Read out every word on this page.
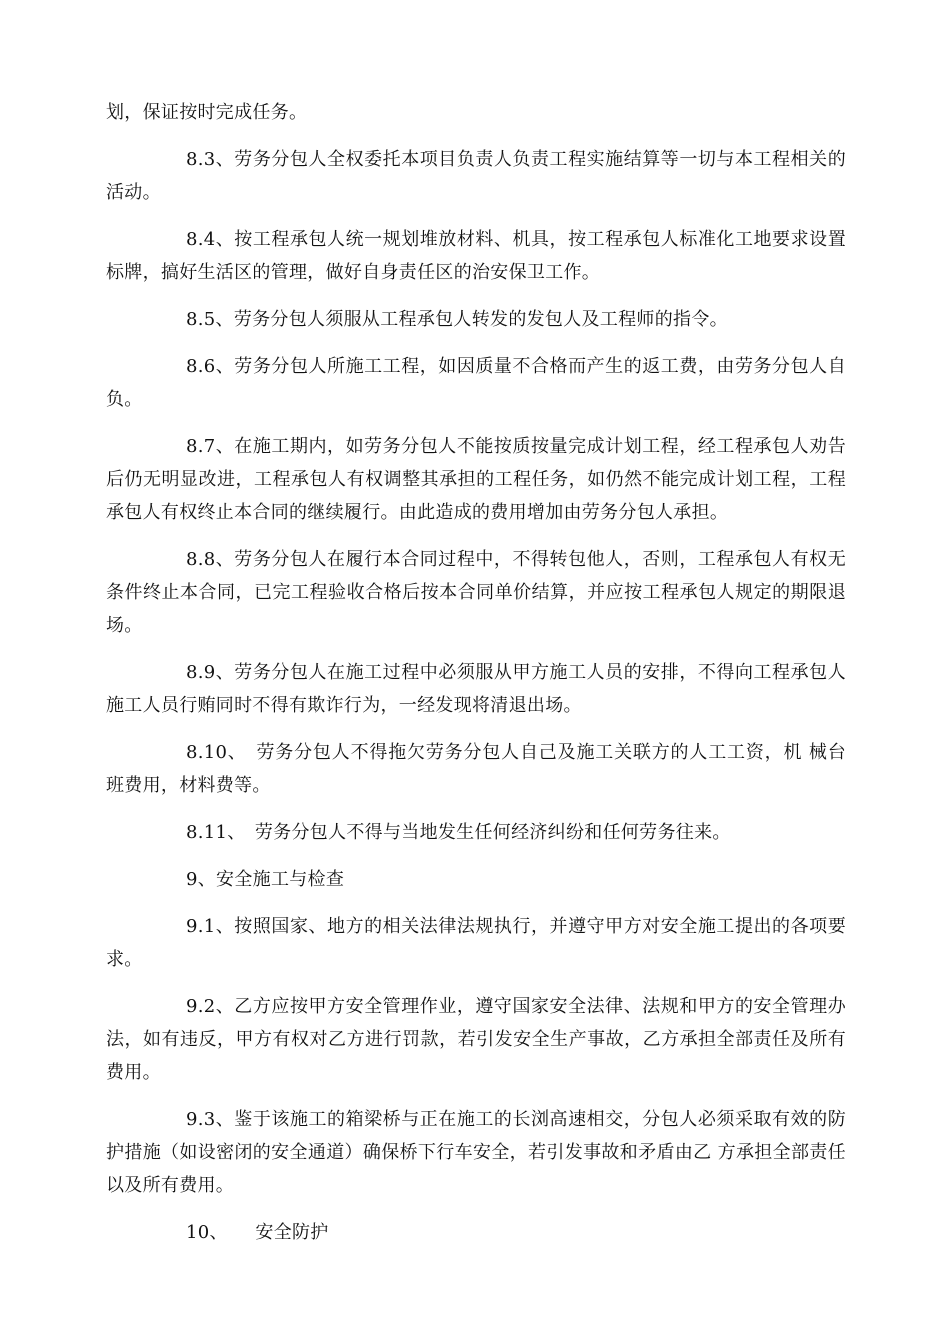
划，保证按时完成任务。

8.3、劳务分包人全权委托本项目负责人负责工程实施结算等一切与本工程相关的活动。

8.4、按工程承包人统一规划堆放材料、机具，按工程承包人标准化工地要求设置标牌，搞好生活区的管理，做好自身责任区的治安保卫工作。

8.5、劳务分包人须服从工程承包人转发的发包人及工程师的指令。

8.6、劳务分包人所施工工程，如因质量不合格而产生的返工费，由劳务分包人自负。

8.7、在施工期内，如劳务分包人不能按质按量完成计划工程，经工程承包人劝告后仍无明显改进，工程承包人有权调整其承担的工程任务，如仍然不能完成计划工程，工程承包人有权终止本合同的继续履行。由此造成的费用增加由劳务分包人承担。

8.8、劳务分包人在履行本合同过程中，不得转包他人，否则，工程承包人有权无条件终止本合同，已完工程验收合格后按本合同单价结算，并应按工程承包人规定的期限退场。

8.9、劳务分包人在施工过程中必须服从甲方施工人员的安排，不得向工程承包人施工人员行贿同时不得有欺诈行为，一经发现将清退出场。

8.10、　劳务分包人不得拖欠劳务分包人自己及施工关联方的人工工资，机 械台班费用，材料费等。

8.11、　劳务分包人不得与当地发生任何经济纠纷和任何劳务往来。

9、安全施工与检查

9.1、按照国家、地方的相关法律法规执行，并遵守甲方对安全施工提出的各项要求。

9.2、乙方应按甲方安全管理作业，遵守国家安全法律、法规和甲方的安全管理办法，如有违反，甲方有权对乙方进行罚款，若引发安全生产事故，乙方承担全部责任及所有费用。

9.3、鉴于该施工的箱梁桥与正在施工的长浏高速相交，分包人必须采取有效的防护措施（如设密闭的安全通道）确保桥下行车安全，若引发事故和矛盾由乙 方承担全部责任以及所有费用。

10、　　安全防护
